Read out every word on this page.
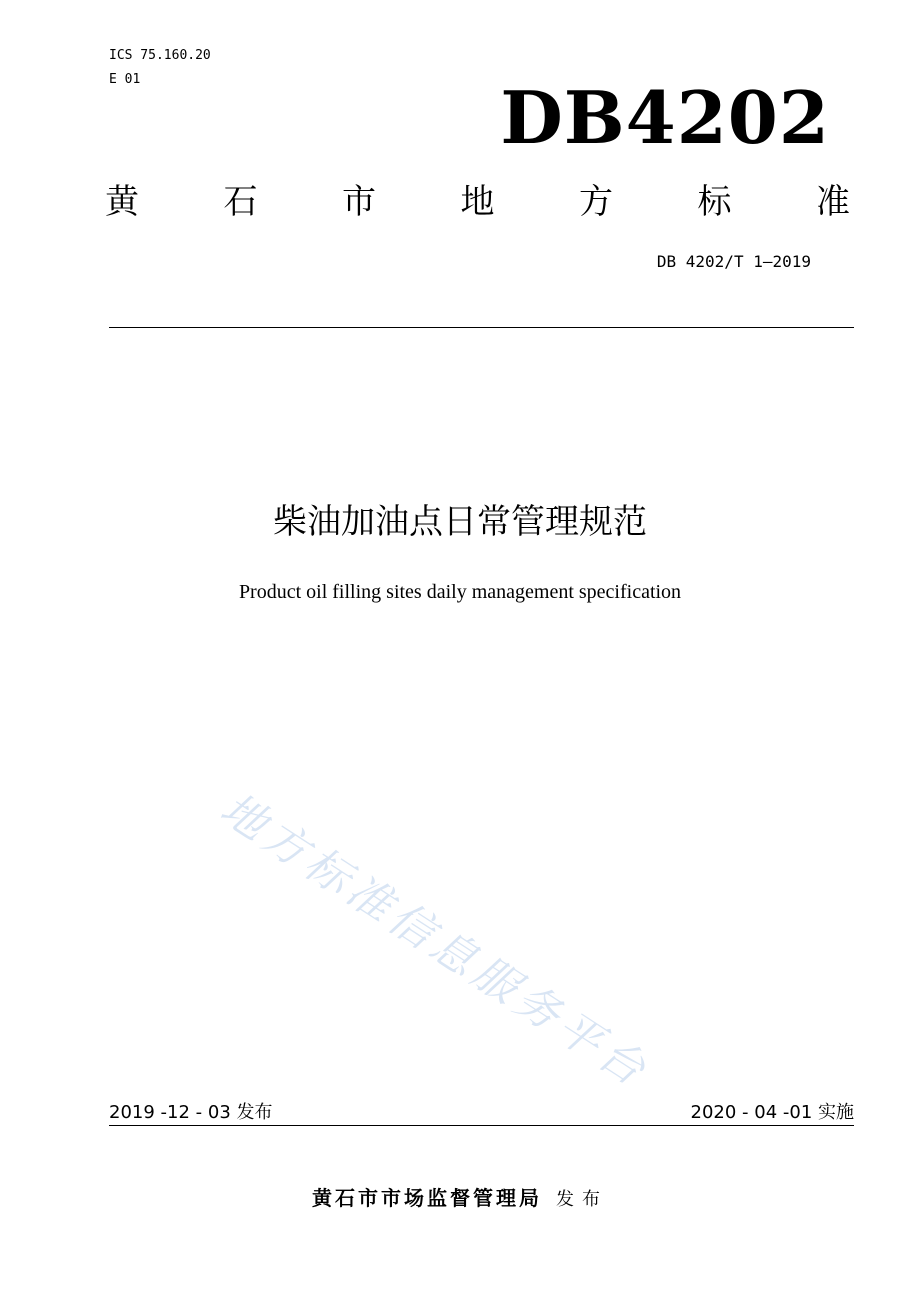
ICS 75.160.20
E 01	DB4202
黄 石 市 地 方 标 准
DB 4202/T 1—2019
柴油加油点日常管理规范
Product oil filling sites daily management specification
地方标准信息服务平台
2019 -12 - 03 发布	2020 - 04 -01 实施
黄石市市场监督管理局 发布
